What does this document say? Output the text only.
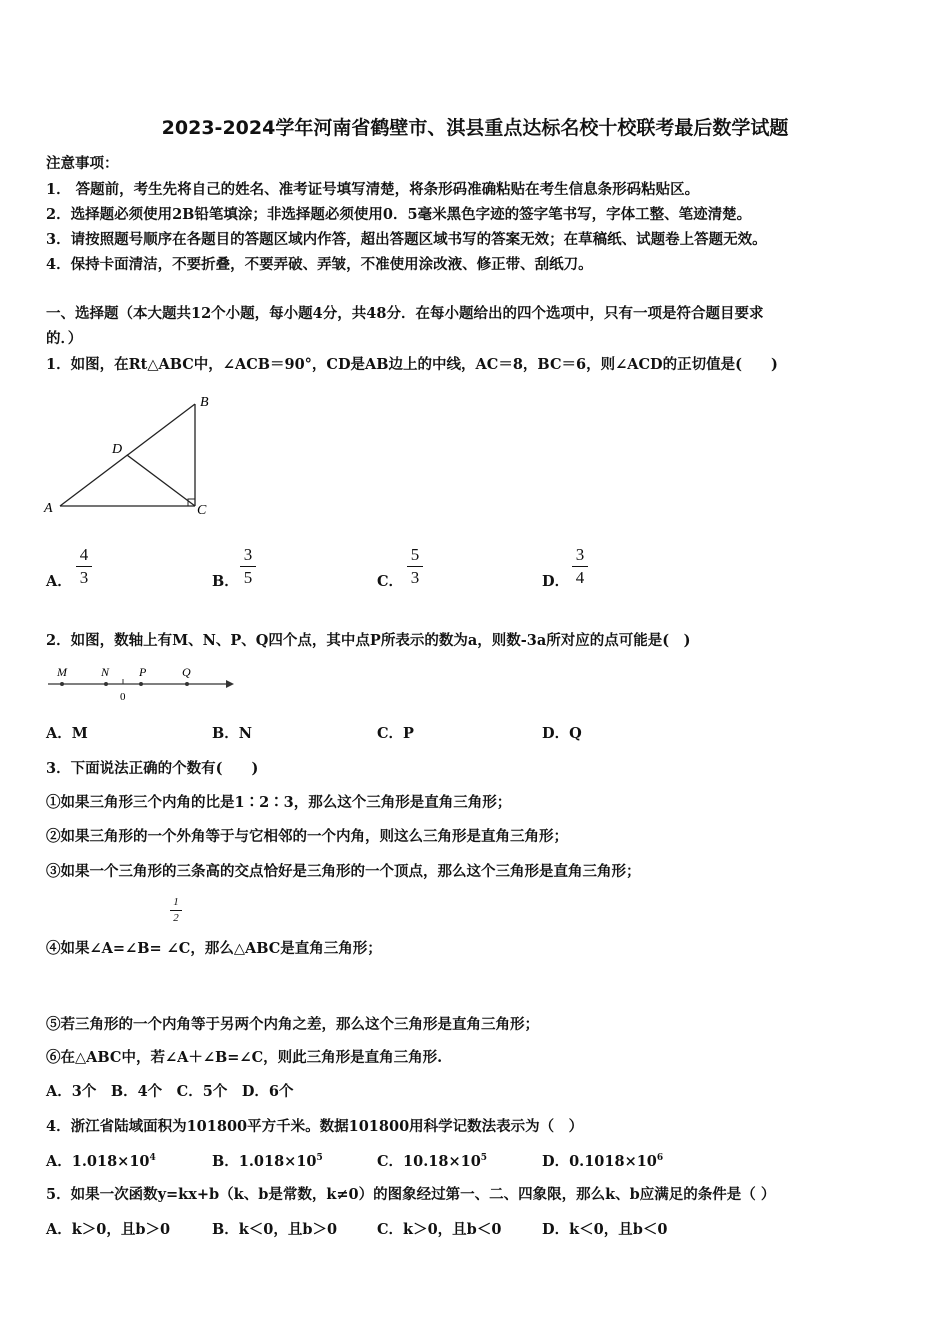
2023-2024学年河南省鹤壁市、淇县重点达标名校十校联考最后数学试题
注意事项：
1． 答题前，考生先将自己的姓名、准考证号填写清楚，将条形码准确粘贴在考生信息条形码粘贴区。
2．选择题必须使用2B铅笔填涂；非选择题必须使用0．5毫米黑色字迹的签字笔书写，字体工整、笔迹清楚。
3．请按照题号顺序在各题目的答题区域内作答，超出答题区域书写的答案无效；在草稿纸、试题卷上答题无效。
4．保持卡面清洁，不要折叠，不要弄破、弄皱，不准使用涂改液、修正带、刮纸刀。
一、选择题（本大题共12个小题，每小题4分，共48分．在每小题给出的四个选项中，只有一项是符合题目要求
的．）
1．如图，在Rt△ABC中，∠ACB＝90°，CD是AB边上的中线，AC＝8，BC＝6，则∠ACD的正切值是(　　)
A
B
C
D
A．
4
3	B．
3
5	C．
5
3	D．
3
4
2．如图，数轴上有M、N、P、Q四个点，其中点P所表示的数为a，则数-3a所对应的点可能是(　)
M	N P	Q
0
A．M	B．N	C．P	D．Q
3．下面说法正确的个数有(　　)
①如果三角形三个内角的比是1∶2∶3，那么这个三角形是直角三角形；
②如果三角形的一个外角等于与它相邻的一个内角，则这么三角形是直角三角形；
③如果一个三角形的三条高的交点恰好是三角形的一个顶点，那么这个三角形是直角三角形；
1
2
④如果∠A=∠B= ∠C，那么△ABC是直角三角形；
⑤若三角形的一个内角等于另两个内角之差，那么这个三角形是直角三角形；
⑥在△ABC中，若∠A＋∠B=∠C，则此三角形是直角三角形.
A．3个　B．4个　C．5个　D．6个
4．浙江省陆域面积为101800平方千米。数据101800用科学记数法表示为（　）
A．$1.018\times 10^4$	B．$1.018\times 10^5$	C．$10.18\times 10^5$	D．$0.1018\times 10^6$
5．如果一次函数y=kx+b（k、b是常数，k≠0）的图象经过第一、二、四象限，那么k、b应满足的条件是（ ）
A．k＞0，且b＞0	B．k＜0，且b＞0	C．k＞0，且b＜0	D．k＜0，且b＜0
